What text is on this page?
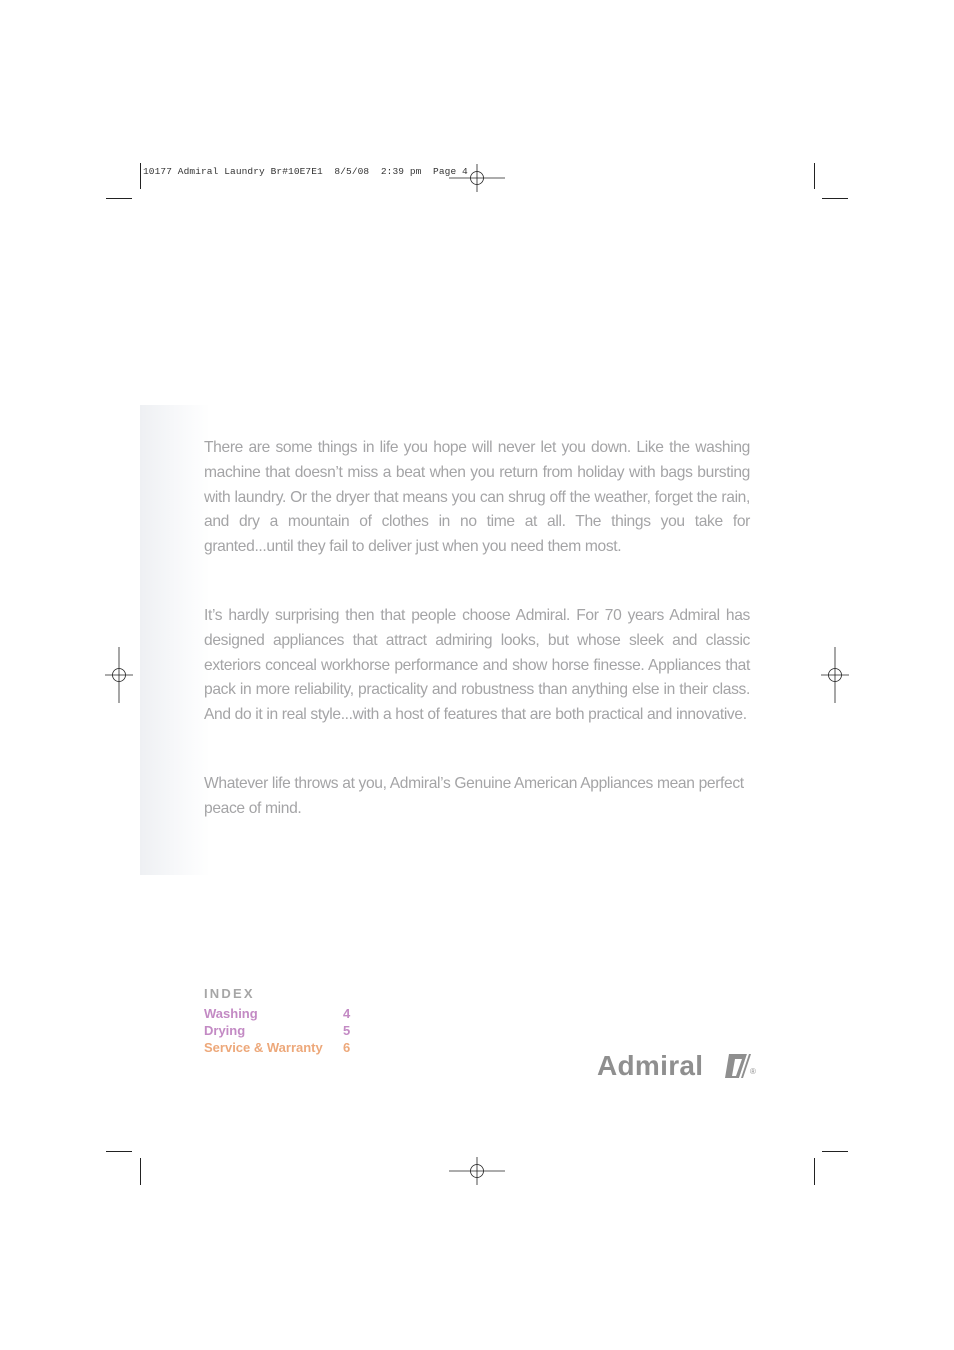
10177 Admiral Laundry Br#10E7E1  8/5/08  2:39 pm  Page 4

There are some things in life you hope will never let you down. Like the washing machine that doesn’t miss a beat when you return from holiday with bags bursting with laundry. Or the dryer that means you can shrug off the weather, forget the rain, and dry a mountain of clothes in no time at all. The things you take for granted...until they fail to deliver just when you need them most.

It’s hardly surprising then that people choose Admiral. For 70 years Admiral has designed appliances that attract admiring looks, but whose sleek and classic exteriors conceal workhorse performance and show horse finesse. Appliances that pack in more reliability, practicality and robustness than anything else in their class. And do it in real style...with a host of features that are both practical and innovative.

Whatever life throws at you, Admiral’s Genuine American Appliances mean perfect peace of mind.

INDEX
Washing	4
Drying	5
Service & Warranty 6
Admiral	®
